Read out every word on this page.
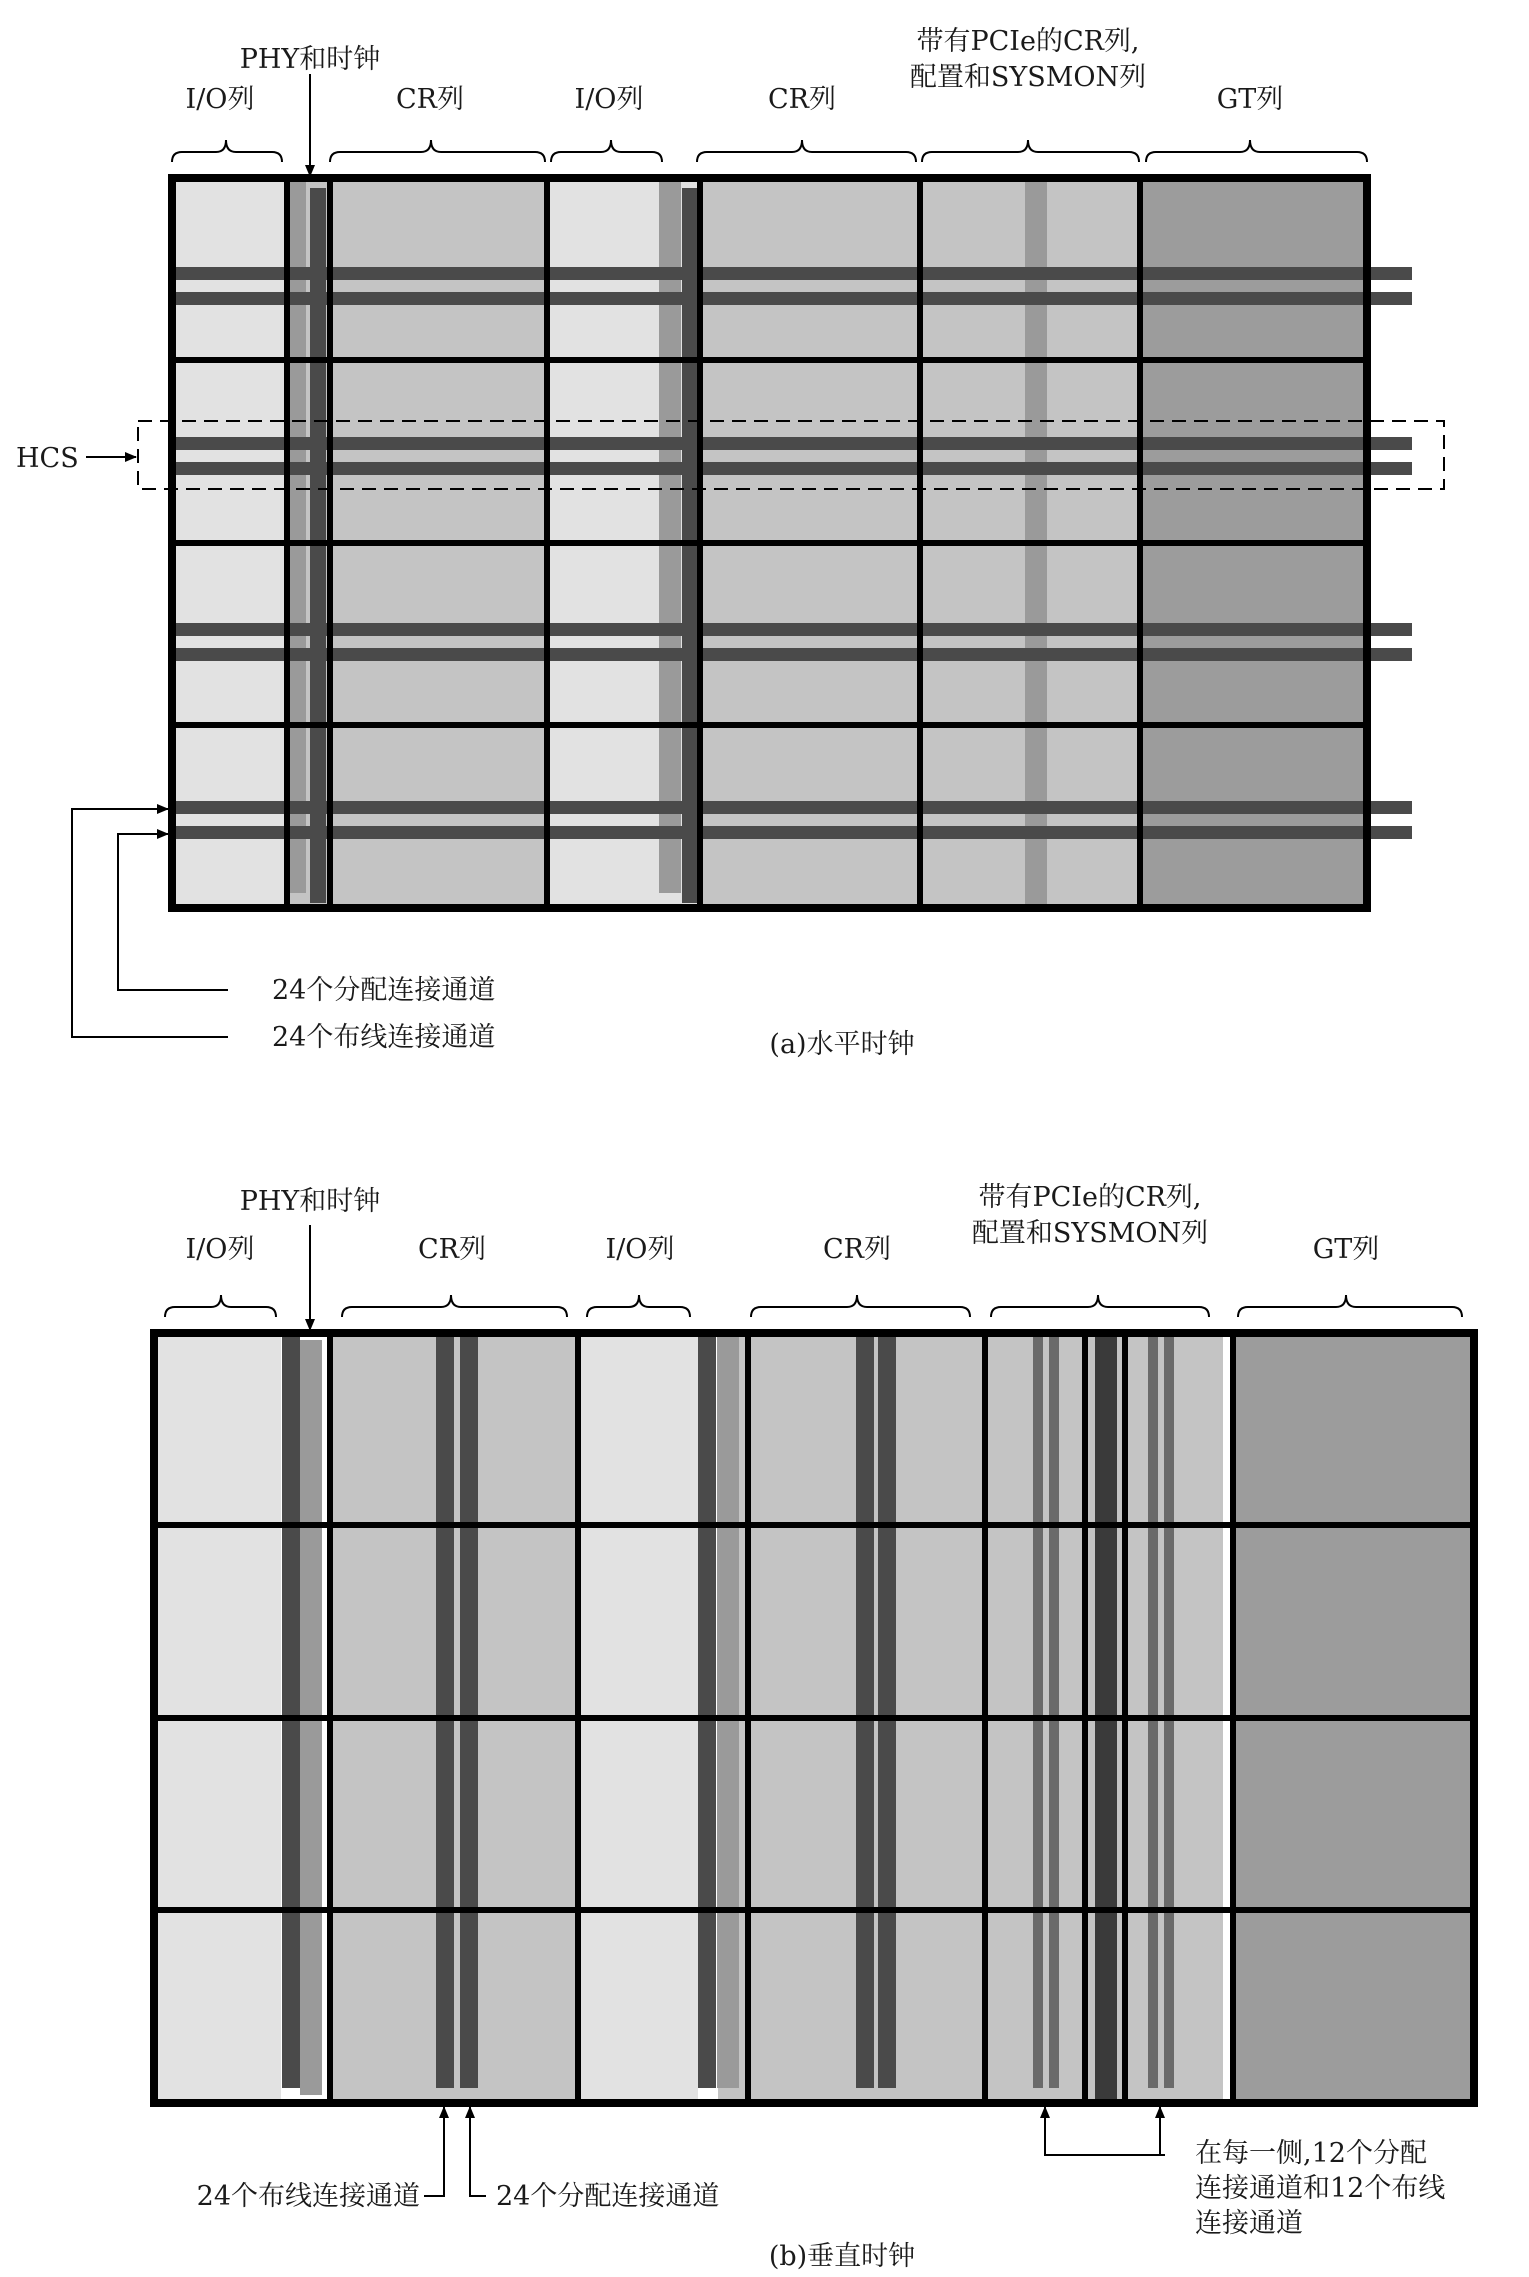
HCS
I/O列
PHY和时钟
CR列	I/O列	CR列
带有PCIe的CR列,
配置和SYSMON列
GT列
24个分配连接通道
24个布线连接通道	(a)水平时钟
PHY和时钟
I/O列	CR列	I/O列	CR列
带有PCIe的CR列,
配置和SYSMON列
GT列
24个布线连接通道	24个分配连接通道
在每一侧,12个分配
连接通道和12个布线
连接通道
(b)垂直时钟
